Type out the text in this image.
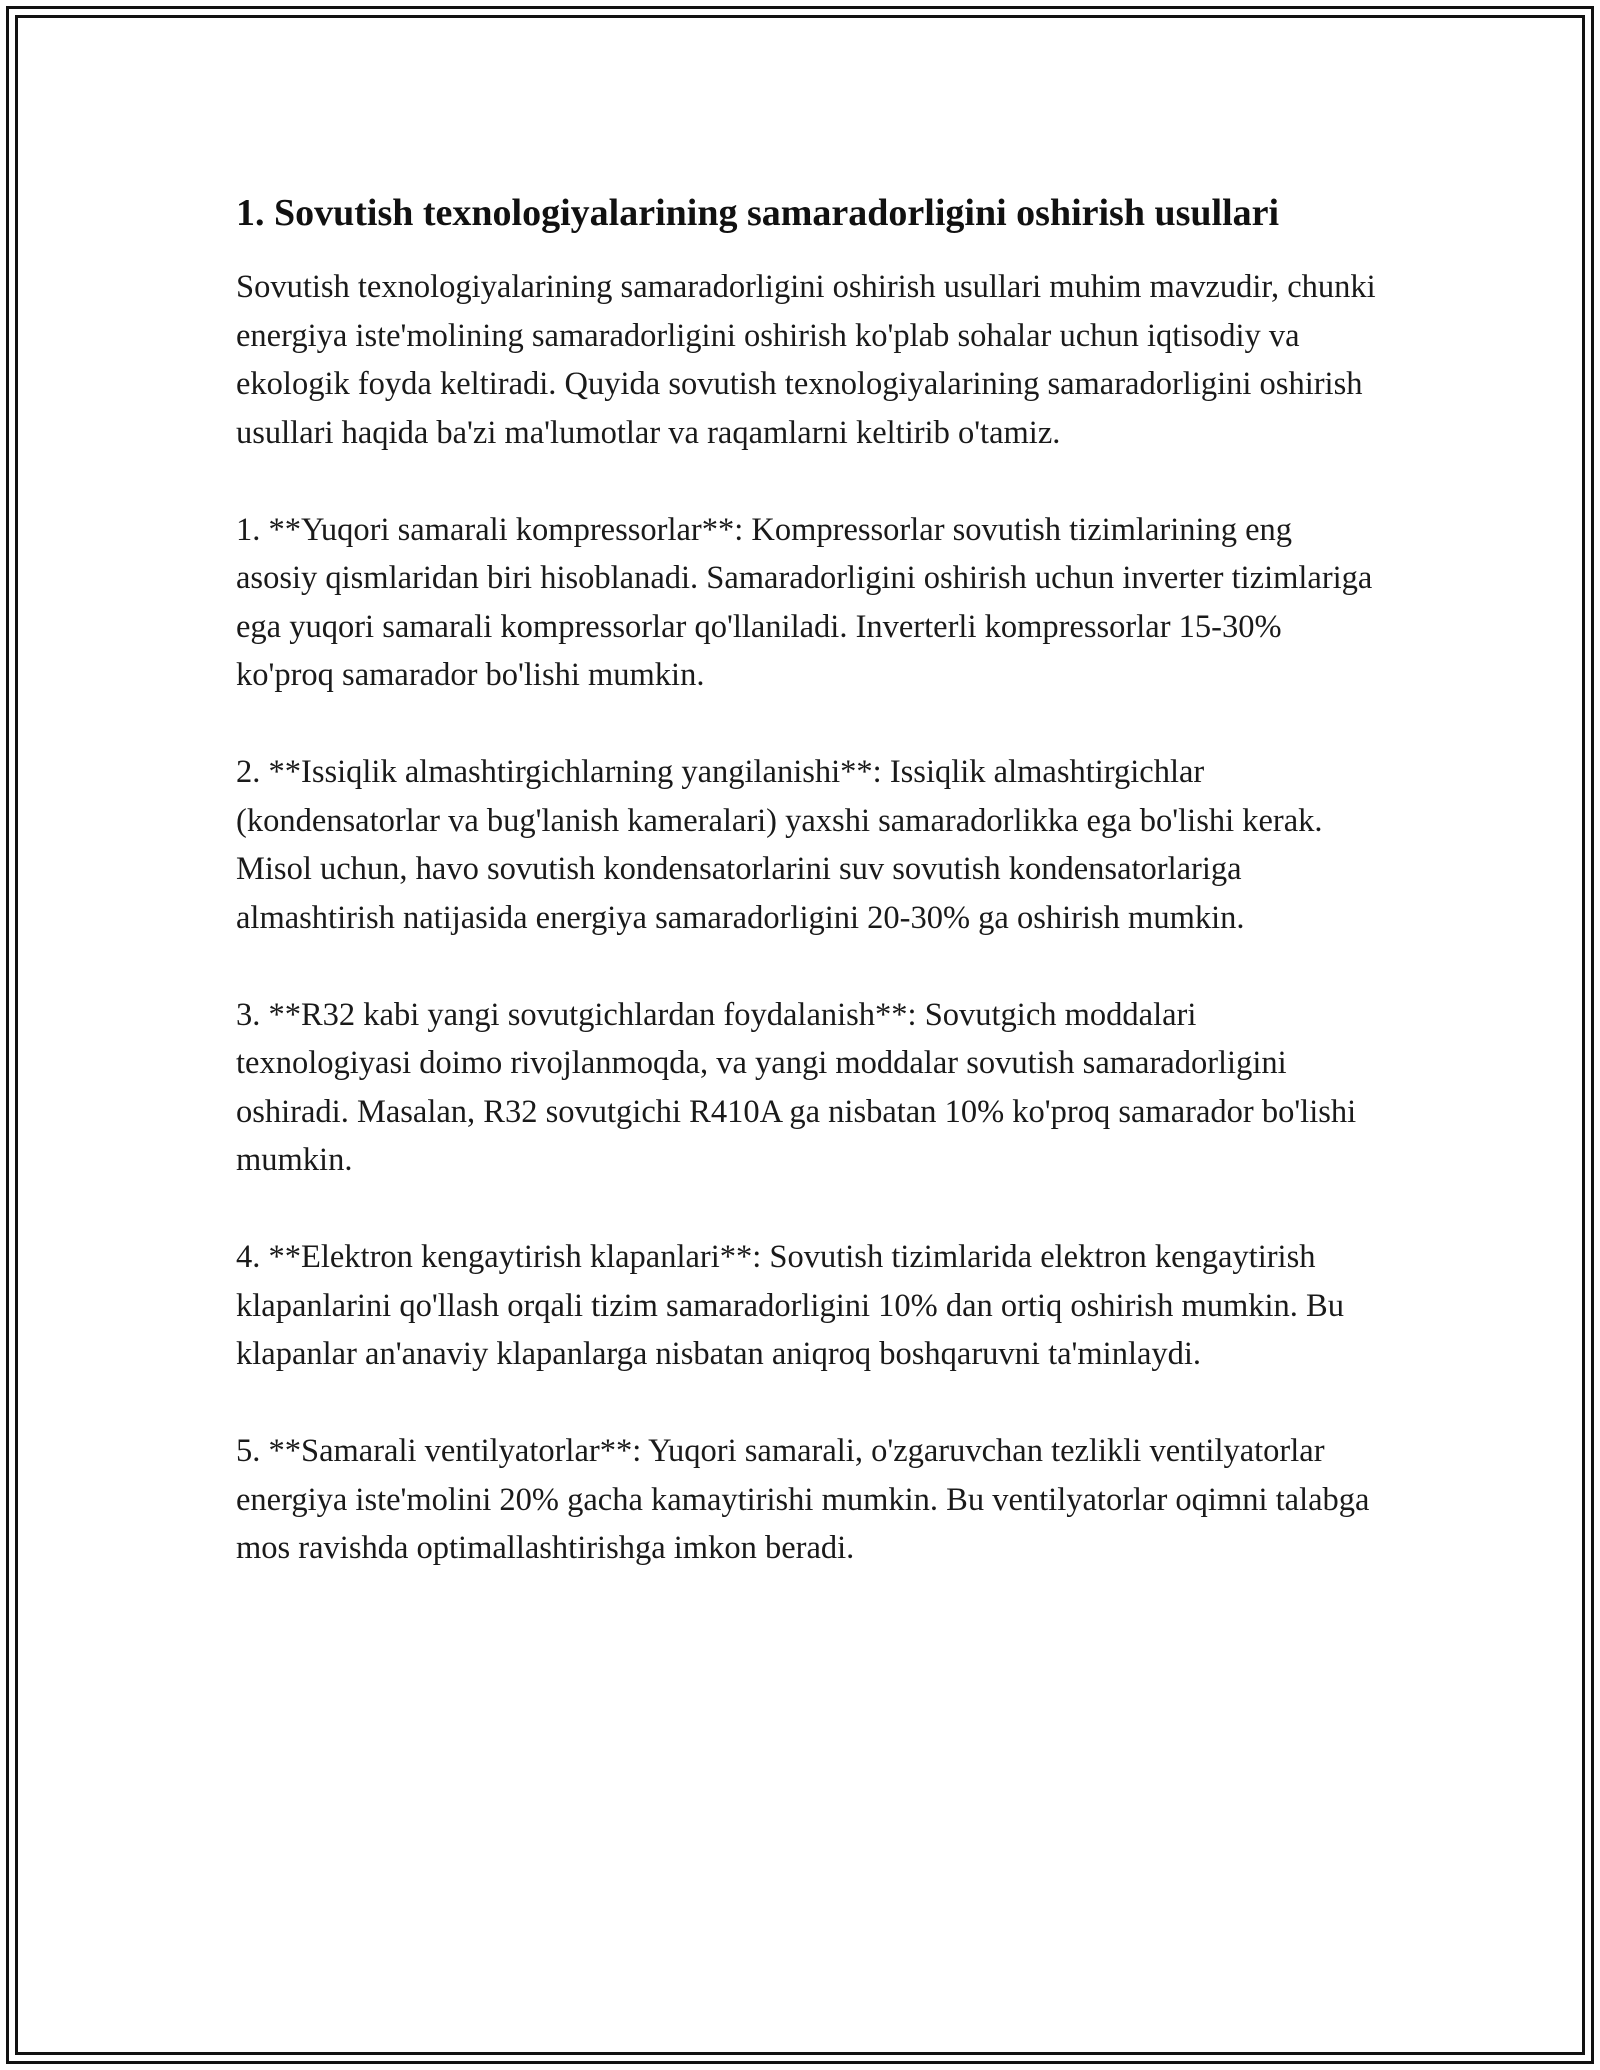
1. Sovutish texnologiyalarining samaradorligini oshirish usullari

Sovutish texnologiyalarining samaradorligini oshirish usullari muhim mavzudir, chunki energiya iste'molining samaradorligini oshirish ko'plab sohalar uchun iqtisodiy va ekologik foyda keltiradi. Quyida sovutish texnologiyalarining samaradorligini oshirish usullari haqida ba'zi ma'lumotlar va raqamlarni keltirib o'tamiz.

1. **Yuqori samarali kompressorlar**: Kompressorlar sovutish tizimlarining eng asosiy qismlaridan biri hisoblanadi. Samaradorligini oshirish uchun inverter tizimlariga ega yuqori samarali kompressorlar qo'llaniladi. Inverterli kompressorlar 15-30% ko'proq samarador bo'lishi mumkin.

2. **Issiqlik almashtirgichlarning yangilanishi**: Issiqlik almashtirgichlar (kondensatorlar va bug'lanish kameralari) yaxshi samaradorlikka ega bo'lishi kerak. Misol uchun, havo sovutish kondensatorlarini suv sovutish kondensatorlariga almashtirish natijasida energiya samaradorligini 20-30% ga oshirish mumkin.

3. **R32 kabi yangi sovutgichlardan foydalanish**: Sovutgich moddalari texnologiyasi doimo rivojlanmoqda, va yangi moddalar sovutish samaradorligini oshiradi. Masalan, R32 sovutgichi R410A ga nisbatan 10% ko'proq samarador bo'lishi mumkin.

4. **Elektron kengaytirish klapanlari**: Sovutish tizimlarida elektron kengaytirish klapanlarini qo'llash orqali tizim samaradorligini 10% dan ortiq oshirish mumkin. Bu klapanlar an'anaviy klapanlarga nisbatan aniqroq boshqaruvni ta'minlaydi.

5. **Samarali ventilyatorlar**: Yuqori samarali, o'zgaruvchan tezlikli ventilyatorlar energiya iste'molini 20% gacha kamaytirishi mumkin. Bu ventilyatorlar oqimni talabga mos ravishda optimallashtirishga imkon beradi.
